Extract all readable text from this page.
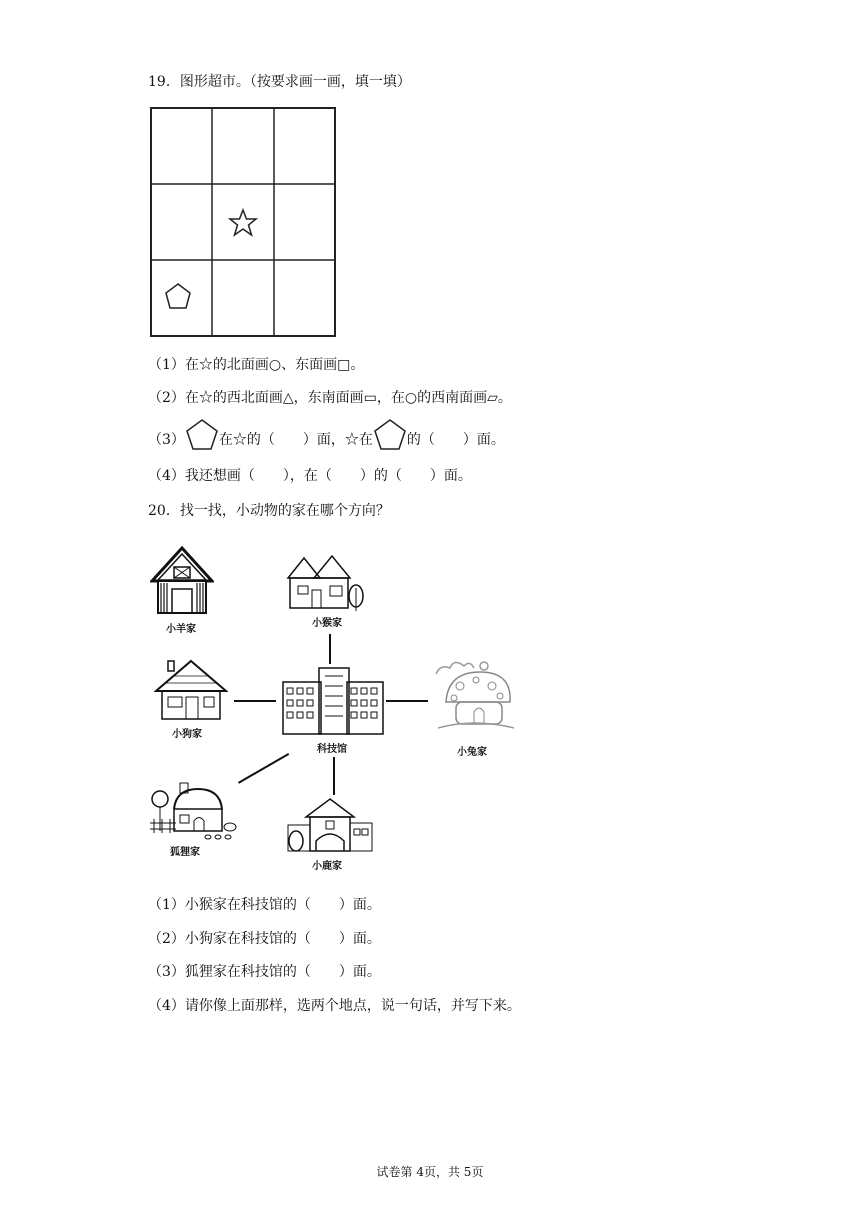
19．图形超市。（按要求画一画，填一填）
（1）在☆的北面画○、东面画□。
（2）在☆的西北面画△，东南面画▭，在○的西南面画▱。
（3） 在☆的（　　）面，☆在 的（　　）面。
（4）我还想画（　　），在（　　）的（　　）面。
20．找一找，小动物的家在哪个方向？
小羊家
小猴家
小狗家
科技馆	小兔家
狐狸家
小鹿家
（1）小猴家在科技馆的（　　）面。
（2）小狗家在科技馆的（　　）面。
（3）狐狸家在科技馆的（　　）面。
（4）请你像上面那样，选两个地点，说一句话，并写下来。
试卷第 4页，共 5页
